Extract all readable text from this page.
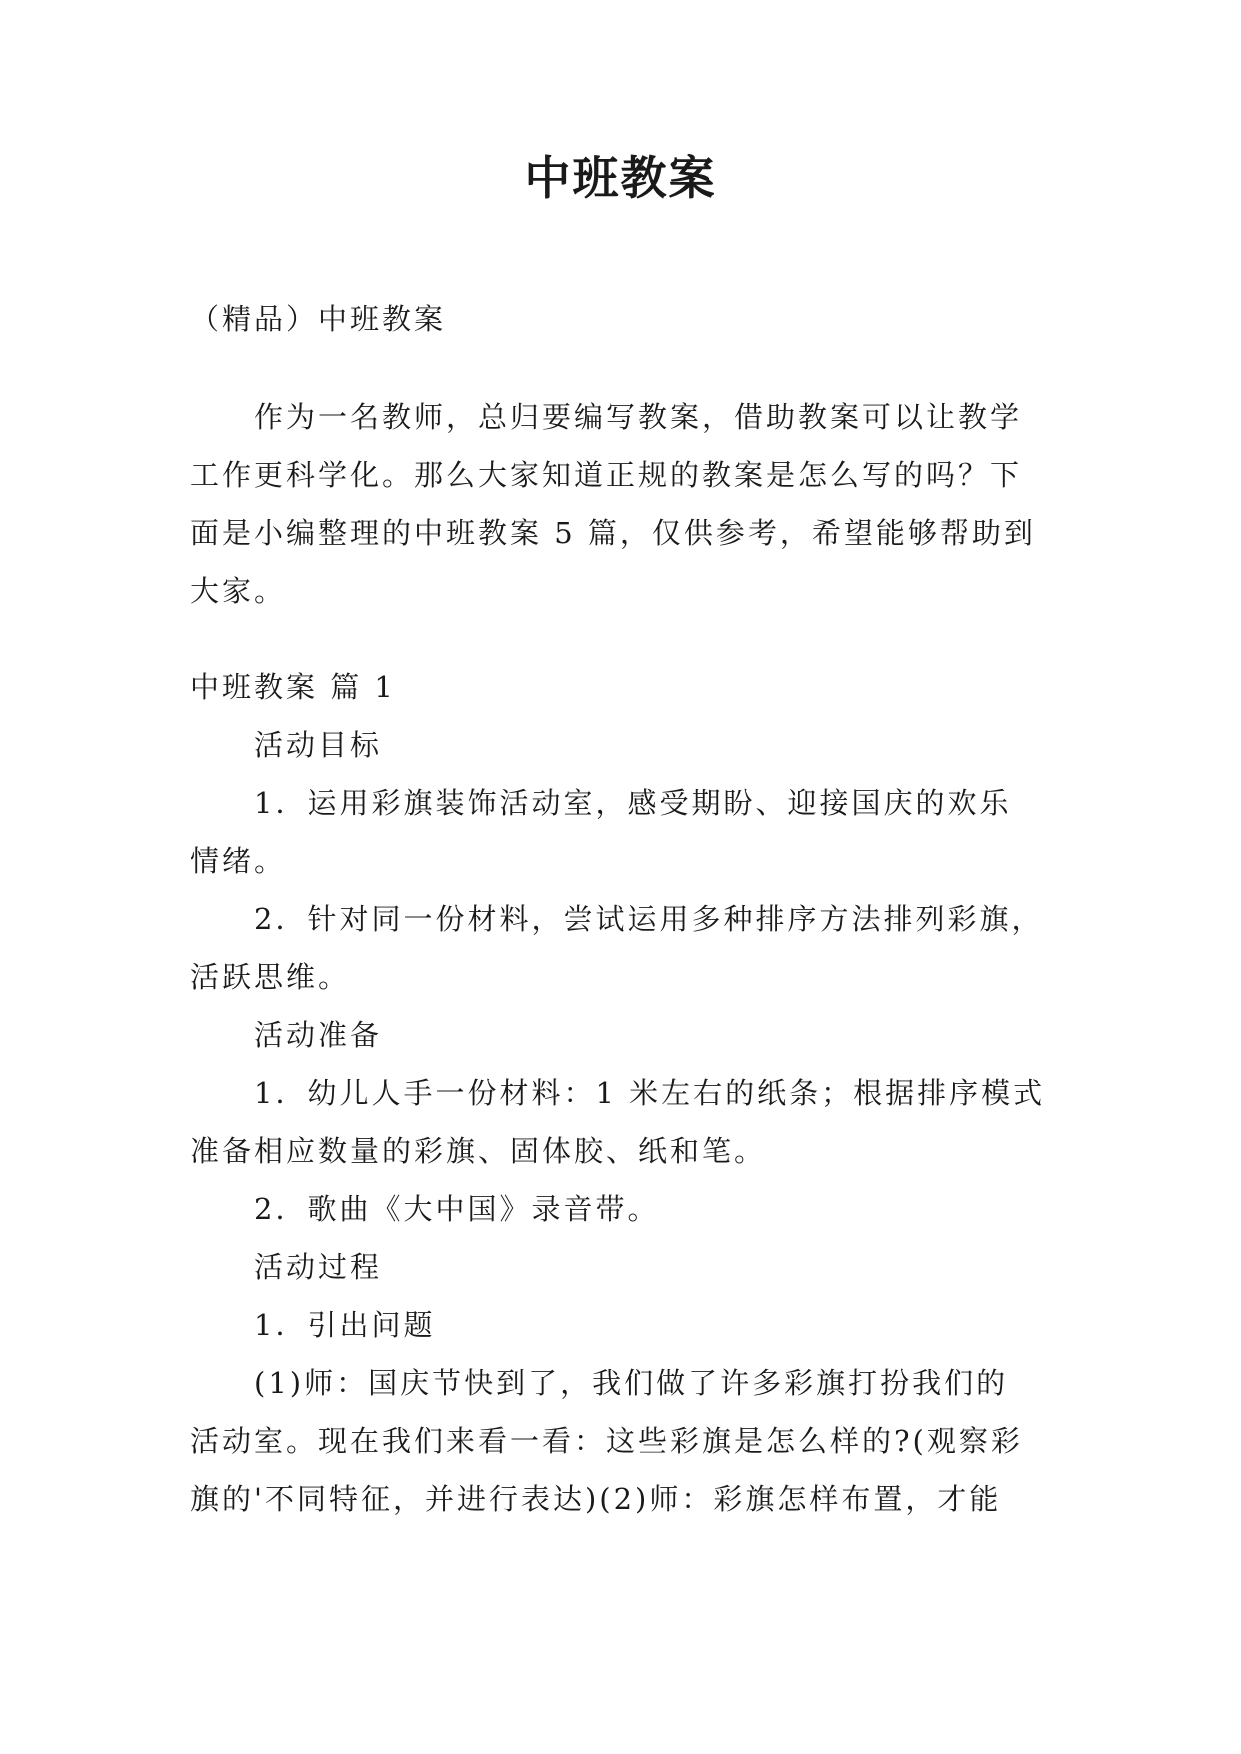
中班教案
（精品）中班教案
作为一名教师，总归要编写教案，借助教案可以让教学
工作更科学化。那么大家知道正规的教案是怎么写的吗？下
面是小编整理的中班教案 5 篇，仅供参考，希望能够帮助到
大家。
中班教案 篇 1
活动目标
1．运用彩旗装饰活动室，感受期盼、迎接国庆的欢乐
情绪。
2．针对同一份材料，尝试运用多种排序方法排列彩旗，
活跃思维。
活动准备
1．幼儿人手一份材料：1 米左右的纸条；根据排序模式
准备相应数量的彩旗、固体胶、纸和笔。
2．歌曲《大中国》录音带。
活动过程
1．引出问题
(1)师：国庆节快到了，我们做了许多彩旗打扮我们的
活动室。现在我们来看一看：这些彩旗是怎么样的?(观察彩
旗的'不同特征，并进行表达)(2)师：彩旗怎样布置，才能
